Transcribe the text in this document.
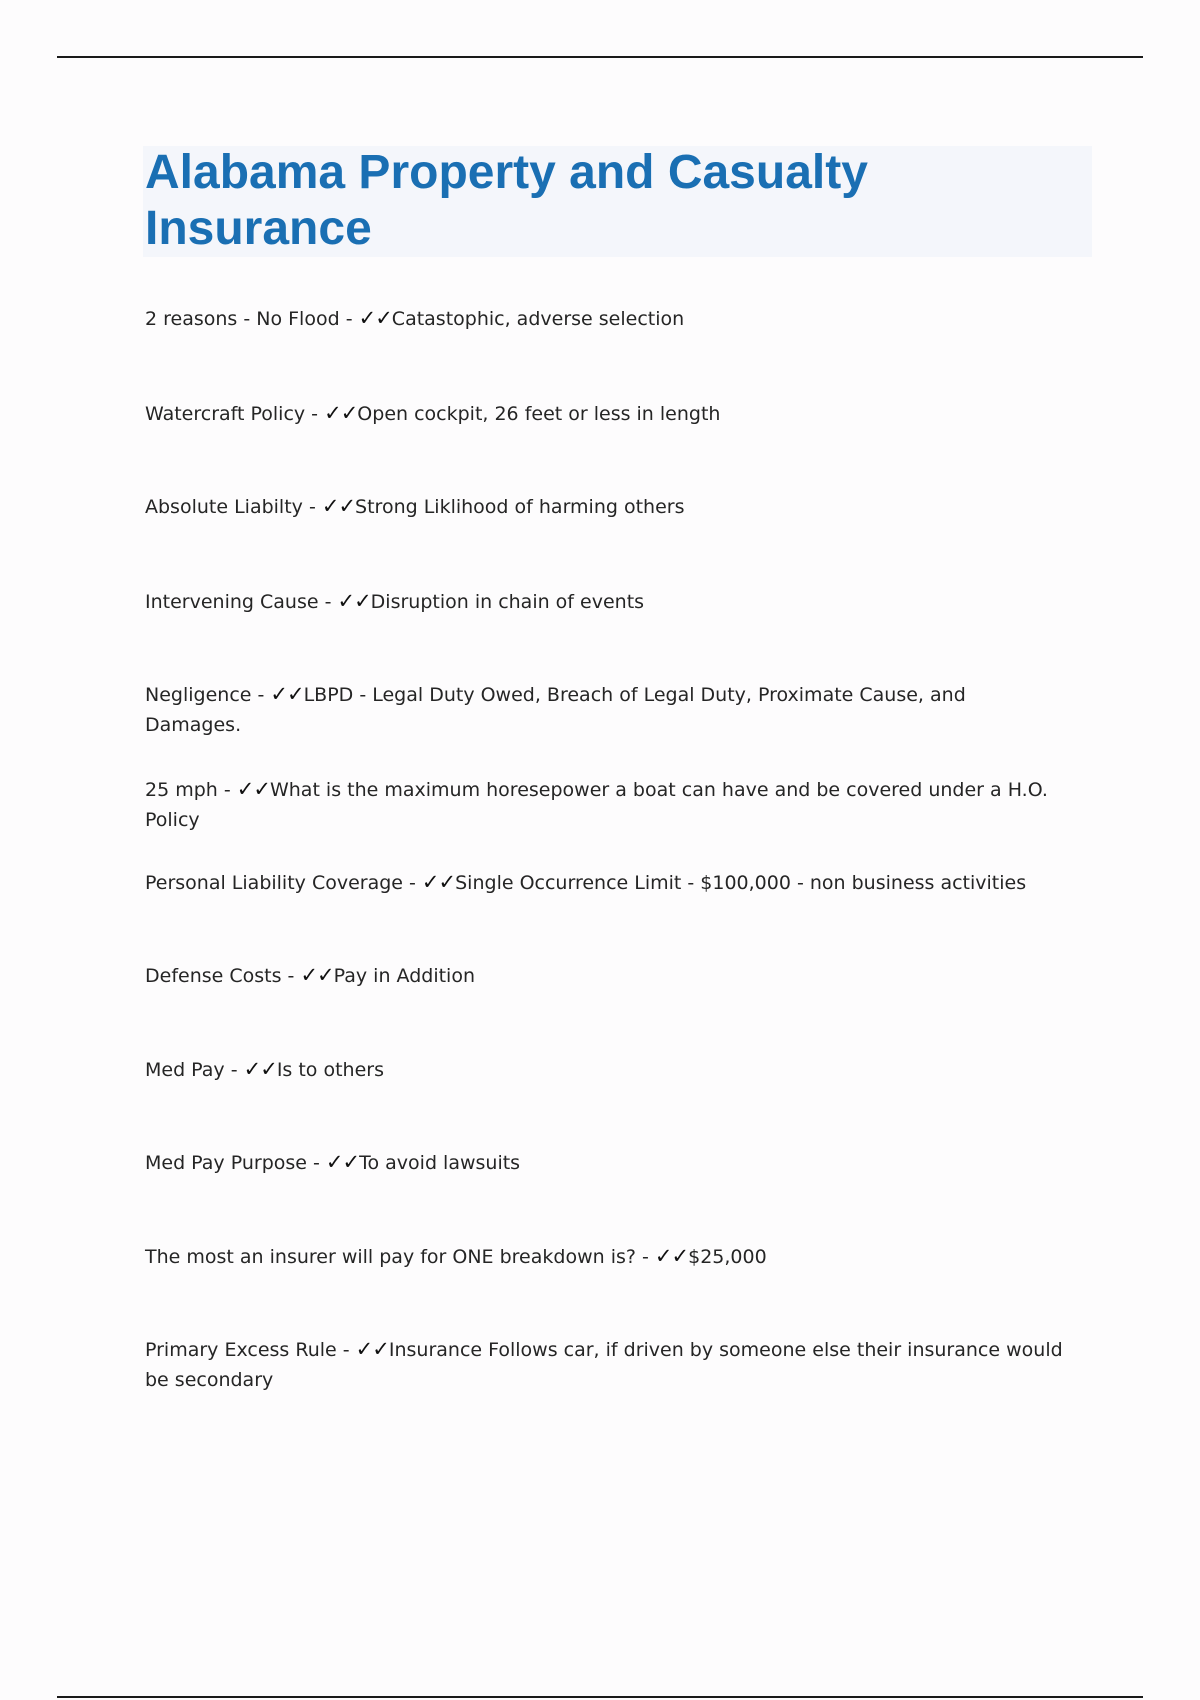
Alabama Property and Casualty Insurance
2 reasons - No Flood - ✓✓Catastophic, adverse selection
Watercraft Policy - ✓✓Open cockpit, 26 feet or less in length
Absolute Liabilty - ✓✓Strong Liklihood of harming others
Intervening Cause - ✓✓Disruption in chain of events
Negligence - ✓✓LBPD - Legal Duty Owed, Breach of Legal Duty, Proximate Cause, and Damages.
25 mph - ✓✓What is the maximum horesepower a boat can have and be covered under a H.O. Policy
Personal Liability Coverage - ✓✓Single Occurrence Limit - $100,000 - non business activities
Defense Costs - ✓✓Pay in Addition
Med Pay - ✓✓Is to others
Med Pay Purpose - ✓✓To avoid lawsuits
The most an insurer will pay for ONE breakdown is? - ✓✓$25,000
Primary Excess Rule - ✓✓Insurance Follows car, if driven by someone else their insurance would be secondary
